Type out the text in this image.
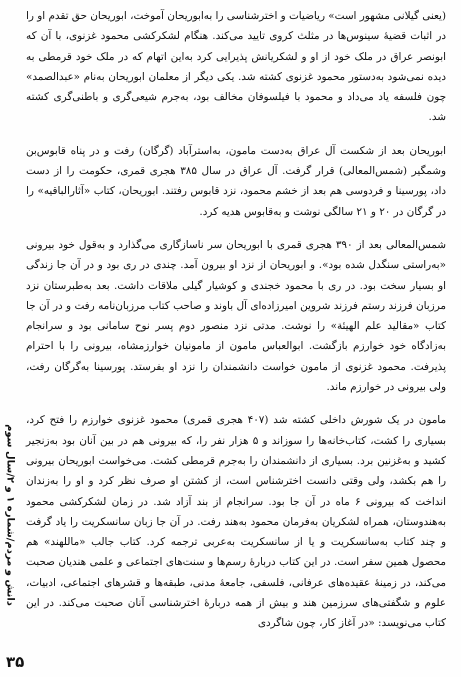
(یعنی گیلانی مشهور است» ریاضیات و اخترشناسی را به‌ابوریحان آموخت، ابوریحان حق تقدم او را در اثبات قضیهٔ سینوس‌ها در مثلث کروی تایید می‌کند. هنگام لشکرکشی محمود غزنوی، با آن که ابونصر عراق در ملک خود از او و لشکریانش پذیرایی کرد به‌این اتهام که در ملک خود قرمطی به دیده نمی‌شود به‌دستور محمود غزنوی کشته شد. یکی دیگر از معلمان ابوریحان به‌نام «عبدالصمد» چون فلسفه یاد می‌داد و محمود با فیلسوفان مخالف بود، به‌جرم شیعی‌گری و باطنی‌گری کشته شد.

ابوریحان بعد از شکست آل عراق به‌دست مامون، به‌استرآباد (گرگان) رفت و در پناه قابوس‌بن وشمگیر (شمس‌المعالی) قرار گرفت. آل عراق در سال ۳۸۵ هجری قمری، حکومت را از دست داد، پورسینا و فردوسی هم بعد از خشم محمود، نزد قابوس رفتند. ابوریحان، کتاب «آثارالباقیه» را در گرگان در ۲۰ و ۲۱ سالگی نوشت و به‌قابوس هدیه کرد.

شمس‌المعالی بعد از ۳۹۰ هجری قمری با ابوریحان سر ناسازگاری می‌گذارد و به‌قول خود بیرونی «به‌راستی سنگدل شده بود». و ابوریحان از نزد او بیرون آمد. چندی در ری بود و در آن جا زندگی او بسیار سخت بود. در ری با محمود خجندی و کوشیار گیلی ملاقات داشت. بعد به‌طبرستان نزد مرزبان فرزند رستم فرزند شروین امیرزاده‌ای آل باوند و صاحب کتاب مرزبان‌نامه رفت و در آن جا کتاب «مقالید علم الهیئة» را نوشت. مدتی نزد منصور دوم پسر نوح سامانی بود و سرانجام به‌زادگاه خود خوارزم بازگشت. ابوالعباس مامون از مامونیان خوارزمشاه، بیرونی را با احترام پذیرفت. محمود غزنوی از مامون خواست دانشمندان را نزد او بفرستد. پورسینا به‌گرگان رفت، ولی بیرونی در خوارزم ماند.

مامون در یک شورش داخلی کشته شد (۴۰۷ هجری قمری) محمود غزنوی خوارزم را فتح کرد، بسیاری را کشت، کتاب‌خانه‌ها را سوزاند و ۵ هزار نفر را، که بیرونی هم در بین آنان بود به‌زنجیر کشید و به‌غزنین برد. بسیاری از دانشمندان را به‌جرم قرمطی کشت. می‌خواست ابوریحان بیرونی را هم بکشد، ولی وقتی دانست اخترشناس است، از کشتن او صرف نظر کرد و او را به‌زندان انداخت که بیرونی ۶ ماه در آن جا بود. سرانجام از بند آزاد شد. در زمان لشکرکشی محمود به‌هندوستان، همراه لشکریان به‌فرمان محمود به‌هند رفت. در آن جا زبان سانسکریت را یاد گرفت و چند کتاب به‌سانسکریت و یا از سانسکریت به‌عربی ترجمه کرد. کتاب جالب «ماللهند» هم محصول همین سفر است. در این کتاب دربارهٔ رسم‌ها و سنت‌های اجتماعی و علمی هندیان صحبت می‌کند، در زمینهٔ عقیده‌های عرفانی، فلسفی، جامعهٔ مدنی، طبقه‌ها و قشرهای اجتماعی، ادبیات، علوم و شگفتی‌های سرزمین هند و بیش از همه دربارهٔ اخترشناسی آنان صحبت می‌کند. در این کتاب می‌نویسد: «در آغاز کار، چون شاگردی

دانش و مردم/شماره ۱ و ۲/سال سوم
۳۵
